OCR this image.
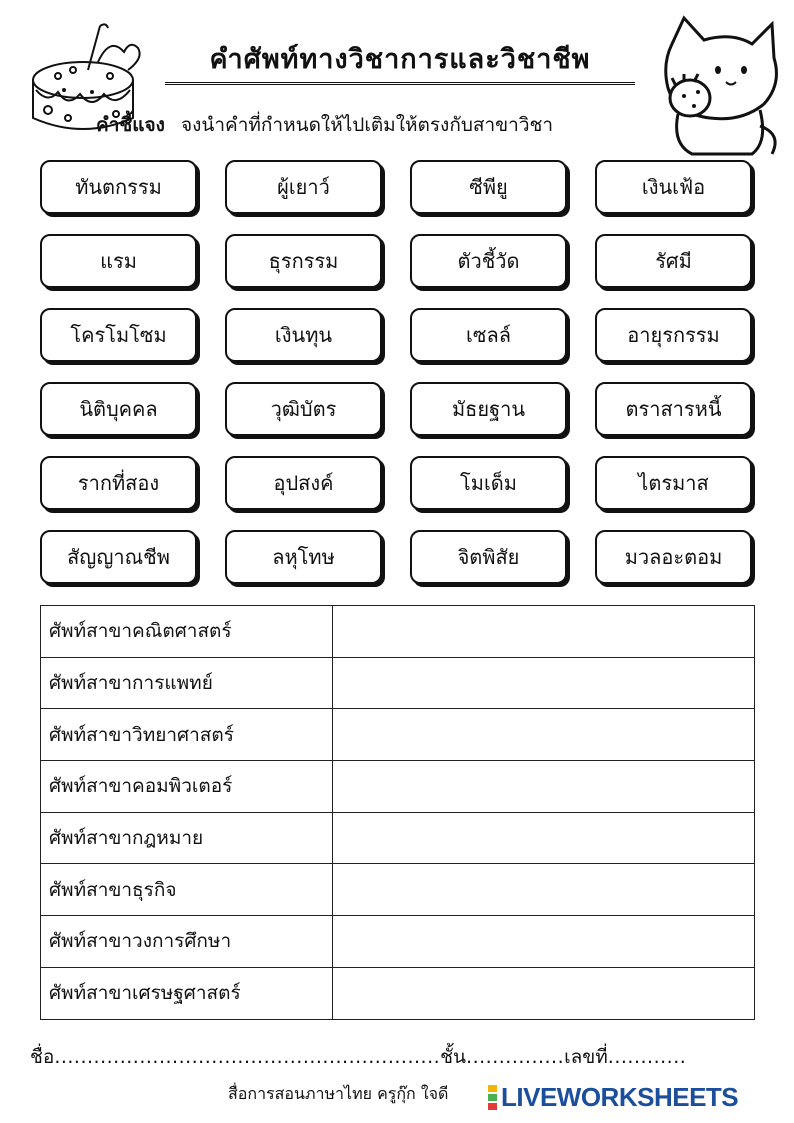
คำศัพท์ทางวิชาการและวิชาชีพ
คำชี้แจง จงนำคำที่กำหนดให้ไปเติมให้ตรงกับสาขาวิชา
ทันตกรรม	ผู้เยาว์	ซีพียู	เงินเฟ้อ
แรม	ธุรกรรม	ตัวชี้วัด	รัศมี
โครโมโซม	เงินทุน	เซลล์	อายุรกรรม
นิติบุคคล	วุฒิบัตร	มัธยฐาน	ตราสารหนี้
รากที่สอง	อุปสงค์	โมเด็ม	ไตรมาส
สัญญาณชีพ	ลหุโทษ	จิตพิสัย	มวลอะตอม
ศัพท์สาขาคณิตศาสตร์	
ศัพท์สาขาการแพทย์	
ศัพท์สาขาวิทยาศาสตร์	
ศัพท์สาขาคอมพิวเตอร์	
ศัพท์สาขากฎหมาย	
ศัพท์สาขาธุรกิจ	
ศัพท์สาขาวงการศึกษา	
ศัพท์สาขาเศรษฐศาสตร์	
ชื่อ...........................................................ชั้น...............เลขที่............
สื่อการสอนภาษาไทย ครูกุ๊ก ใจดี LIVEWORKSHEETS
